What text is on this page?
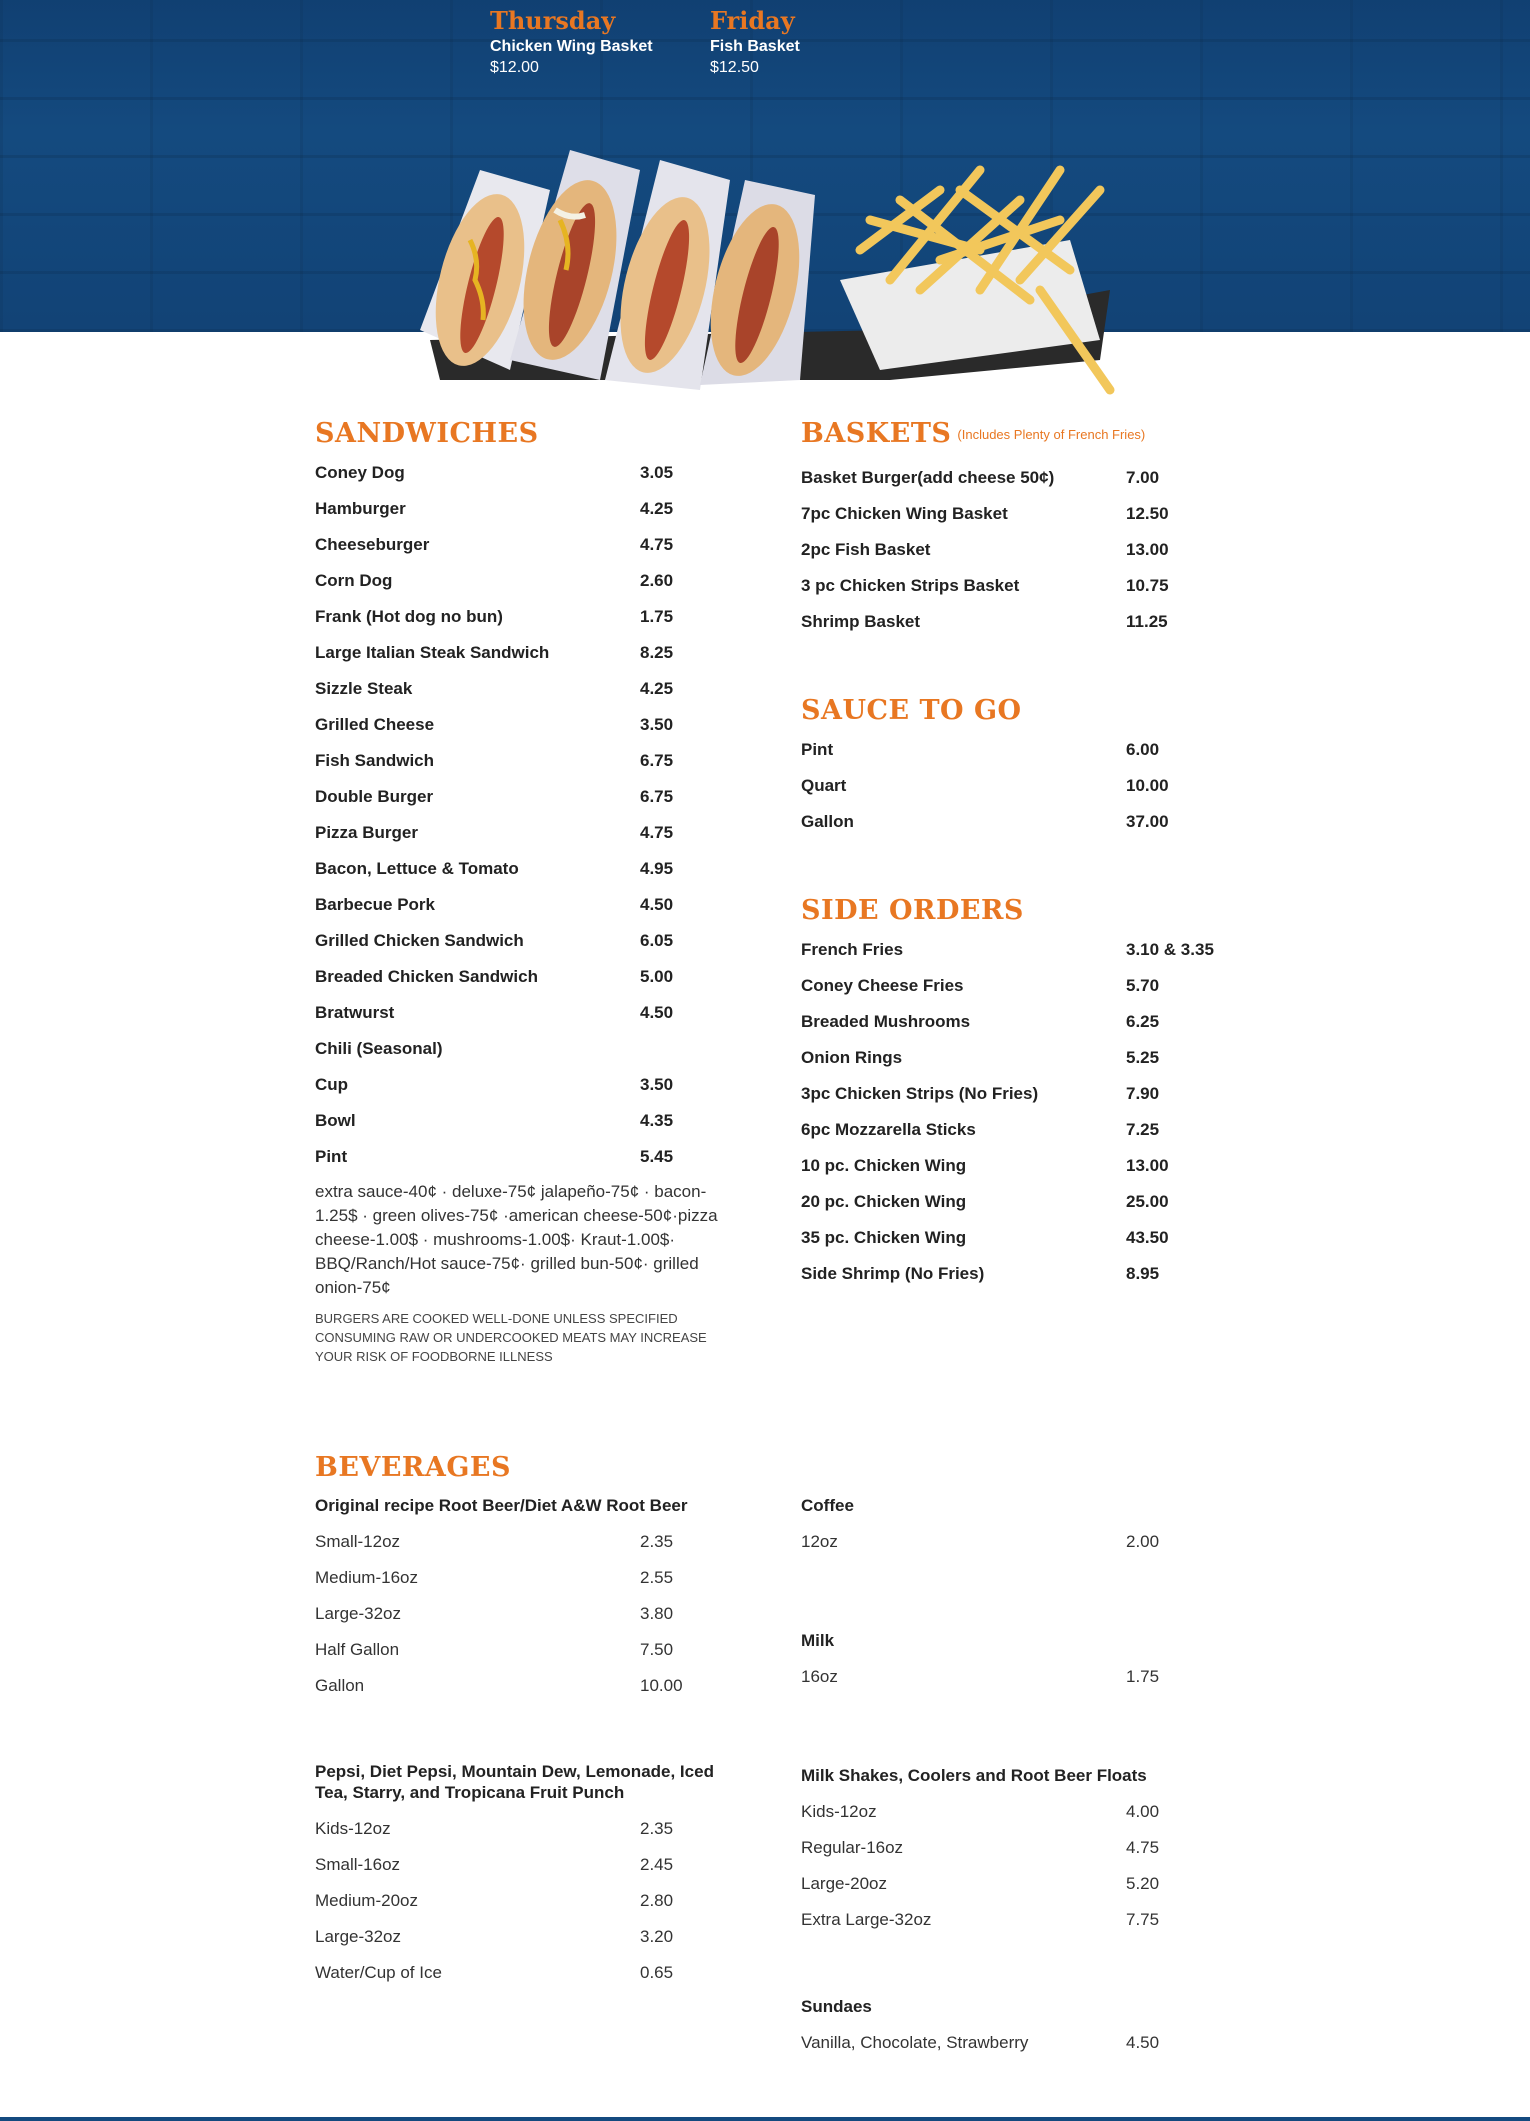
Thursday
Chicken Wing Basket
$12.00
Friday
Fish Basket
$12.50
SANDWICHES
Coney Dog	3.05
Hamburger	4.25
Cheeseburger	4.75
Corn Dog	2.60
Frank (Hot dog no bun)	1.75
Large Italian Steak Sandwich	8.25
Sizzle Steak	4.25
Grilled Cheese	3.50
Fish Sandwich	6.75
Double Burger	6.75
Pizza Burger	4.75
Bacon, Lettuce & Tomato	4.95
Barbecue Pork	4.50
Grilled Chicken Sandwich	6.05
Breaded Chicken Sandwich	5.00
Bratwurst	4.50
Chili (Seasonal)
Cup	3.50
Bowl	4.35
Pint	5.45
extra sauce-40¢ · deluxe-75¢ jalapeño-75¢ · bacon-1.25$ · green olives-75¢ ·american cheese-50¢·pizza cheese-1.00$ · mushrooms-1.00$· Kraut-1.00$· BBQ/Ranch/Hot sauce-75¢· grilled bun-50¢· grilled onion-75¢
BURGERS ARE COOKED WELL-DONE UNLESS SPECIFIED
CONSUMING RAW OR UNDERCOOKED MEATS MAY INCREASE
YOUR RISK OF FOODBORNE ILLNESS
BASKETS (Includes Plenty of French Fries)
Basket Burger(add cheese 50¢)	7.00
7pc Chicken Wing Basket	12.50
2pc Fish Basket	13.00
3 pc Chicken Strips Basket	10.75
Shrimp Basket	11.25
SAUCE TO GO
Pint	6.00
Quart	10.00
Gallon	37.00
SIDE ORDERS
French Fries	3.10 & 3.35
Coney Cheese Fries	5.70
Breaded Mushrooms	6.25
Onion Rings	5.25
3pc Chicken Strips (No Fries)	7.90
6pc Mozzarella Sticks	7.25
10 pc. Chicken Wing	13.00
20 pc. Chicken Wing	25.00
35 pc. Chicken Wing	43.50
Side Shrimp (No Fries)	8.95
BEVERAGES
Original recipe Root Beer/Diet A&W Root Beer
Small-12oz	2.35
Medium-16oz	2.55
Large-32oz	3.80
Half Gallon	7.50
Gallon	10.00
Pepsi, Diet Pepsi, Mountain Dew, Lemonade, Iced
Tea, Starry, and Tropicana Fruit Punch
Kids-12oz	2.35
Small-16oz	2.45
Medium-20oz	2.80
Large-32oz	3.20
Water/Cup of Ice	0.65
Coffee
12oz	2.00
Milk
16oz	1.75
Milk Shakes, Coolers and Root Beer Floats
Kids-12oz	4.00
Regular-16oz	4.75
Large-20oz	5.20
Extra Large-32oz	7.75
Sundaes
Vanilla, Chocolate, Strawberry	4.50
